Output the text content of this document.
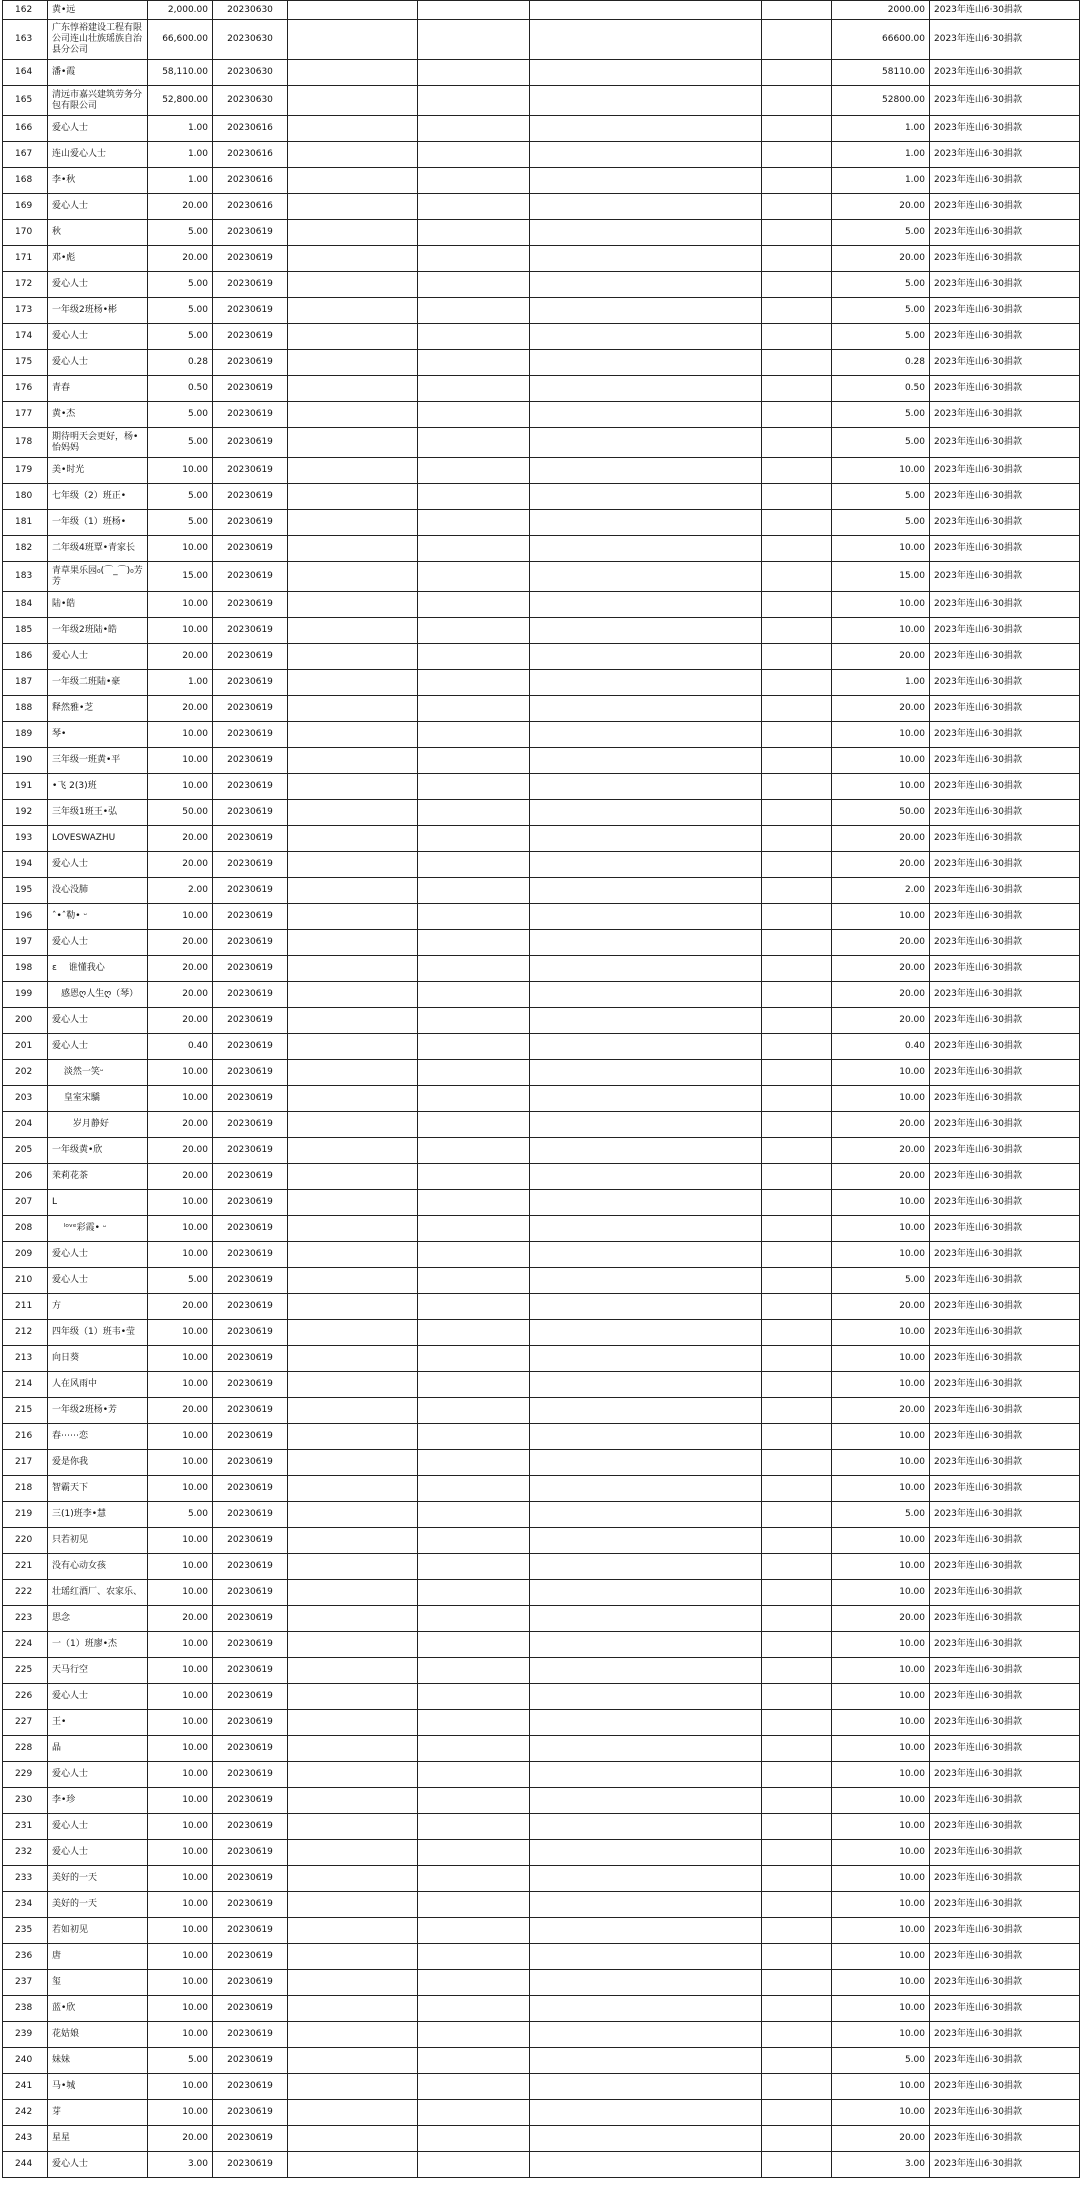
162	黄•远	2,000.00	20230630					2000.00	2023年连山6·30捐款
163	广东惇裕建设工程有限公司连山壮族瑶族自治县分公司	66,600.00	20230630					66600.00	2023年连山6·30捐款
164	潘•霞	58,110.00	20230630					58110.00	2023年连山6·30捐款
165	清远市嘉兴建筑劳务分包有限公司	52,800.00	20230630					52800.00	2023年连山6·30捐款
166	爱心人士	1.00	20230616					1.00	2023年连山6·30捐款
167	连山爱心人士	1.00	20230616					1.00	2023年连山6·30捐款
168	李•秋	1.00	20230616					1.00	2023年连山6·30捐款
169	爱心人士	20.00	20230616					20.00	2023年连山6·30捐款
170	秋	5.00	20230619					5.00	2023年连山6·30捐款
171	邓•彪	20.00	20230619					20.00	2023年连山6·30捐款
172	爱心人士	5.00	20230619					5.00	2023年连山6·30捐款
173	一年级2班杨•彬	5.00	20230619					5.00	2023年连山6·30捐款
174	爱心人士	5.00	20230619					5.00	2023年连山6·30捐款
175	爱心人士	0.28	20230619					0.28	2023年连山6·30捐款
176	青春	0.50	20230619					0.50	2023年连山6·30捐款
177	黄•杰	5.00	20230619					5.00	2023年连山6·30捐款
178	期待明天会更好，杨•怡妈妈	5.00	20230619					5.00	2023年连山6·30捐款
179	美•时光	10.00	20230619					10.00	2023年连山6·30捐款
180	七年级（2）班正•	5.00	20230619					5.00	2023年连山6·30捐款
181	一年级（1）班杨•	5.00	20230619					5.00	2023年连山6·30捐款
182	二年级4班覃•青家长	10.00	20230619					10.00	2023年连山6·30捐款
183	青草果乐园₀(⌒_⌒)₀芳芳	15.00	20230619					15.00	2023年连山6·30捐款
184	陆•皓	10.00	20230619					10.00	2023年连山6·30捐款
185	一年级2班陆•皓	10.00	20230619					10.00	2023年连山6·30捐款
186	爱心人士	20.00	20230619					20.00	2023年连山6·30捐款
187	一年级二班陆•豪	1.00	20230619					1.00	2023年连山6·30捐款
188	释然雅•芝	20.00	20230619					20.00	2023年连山6·30捐款
189	琴•	10.00	20230619					10.00	2023年连山6·30捐款
190	三年级一班黄•平	10.00	20230619					10.00	2023年连山6·30捐款
191	•飞 2(3)班	10.00	20230619					10.00	2023年连山6·30捐款
192	三年级1班王•弘	50.00	20230619					50.00	2023年连山6·30捐款
193	LOVESWAZHU	20.00	20230619					20.00	2023年连山6·30捐款
194	爱心人士	20.00	20230619					20.00	2023年连山6·30捐款
195	没心没肺	2.00	20230619					2.00	2023年连山6·30捐款
196	ˆ•ˆ勒• ᵕ	10.00	20230619					10.00	2023年连山6·30捐款
197	爱心人士	20.00	20230619					20.00	2023年连山6·30捐款
198	ε　 谁懂我心	20.00	20230619					20.00	2023年连山6·30捐款
199	　感恩ღ人生ღ（琴）	20.00	20230619					20.00	2023年连山6·30捐款
200	爱心人士	20.00	20230619					20.00	2023年连山6·30捐款
201	爱心人士	0.40	20230619					0.40	2023年连山6·30捐款
202	　 淡然一笑ᵕ	10.00	20230619					10.00	2023年连山6·30捐款
203	　 皇室宋驕	10.00	20230619					10.00	2023年连山6·30捐款
204	　　 岁月静好	20.00	20230619					20.00	2023年连山6·30捐款
205	一年级黄•欣	20.00	20230619					20.00	2023年连山6·30捐款
206	茉莉花茶	20.00	20230619					20.00	2023年连山6·30捐款
207	L	10.00	20230619					10.00	2023年连山6·30捐款
208	　 ˡᵒᵛᵉ彩霞• ᵕ	10.00	20230619					10.00	2023年连山6·30捐款
209	爱心人士	10.00	20230619					10.00	2023年连山6·30捐款
210	爱心人士	5.00	20230619					5.00	2023年连山6·30捐款
211	方	20.00	20230619					20.00	2023年连山6·30捐款
212	四年级（1）班韦•莹	10.00	20230619					10.00	2023年连山6·30捐款
213	向日葵	10.00	20230619					10.00	2023年连山6·30捐款
214	人在风雨中	10.00	20230619					10.00	2023年连山6·30捐款
215	一年级2班杨•芳	20.00	20230619					20.00	2023年连山6·30捐款
216	春⋯⋯恋	10.00	20230619					10.00	2023年连山6·30捐款
217	爱是你我	10.00	20230619					10.00	2023年连山6·30捐款
218	智霸天下	10.00	20230619					10.00	2023年连山6·30捐款
219	三(1)班李•慧	5.00	20230619					5.00	2023年连山6·30捐款
220	只若初见	10.00	20230619					10.00	2023年连山6·30捐款
221	没有心动女孩	10.00	20230619					10.00	2023年连山6·30捐款
222	壮瑶红酒厂、农家乐、	10.00	20230619					10.00	2023年连山6·30捐款
223	思念	20.00	20230619					20.00	2023年连山6·30捐款
224	一（1）班廖•杰	10.00	20230619					10.00	2023年连山6·30捐款
225	天马行空	10.00	20230619					10.00	2023年连山6·30捐款
226	爱心人士	10.00	20230619					10.00	2023年连山6·30捐款
227	王•	10.00	20230619					10.00	2023年连山6·30捐款
228	晶	10.00	20230619					10.00	2023年连山6·30捐款
229	爱心人士	10.00	20230619					10.00	2023年连山6·30捐款
230	李•珍	10.00	20230619					10.00	2023年连山6·30捐款
231	爱心人士	10.00	20230619					10.00	2023年连山6·30捐款
232	爱心人士	10.00	20230619					10.00	2023年连山6·30捐款
233	美好的一天	10.00	20230619					10.00	2023年连山6·30捐款
234	美好的一天	10.00	20230619					10.00	2023年连山6·30捐款
235	若如初见	10.00	20230619					10.00	2023年连山6·30捐款
236	唐	10.00	20230619					10.00	2023年连山6·30捐款
237	玺	10.00	20230619					10.00	2023年连山6·30捐款
238	蓝•欣	10.00	20230619					10.00	2023年连山6·30捐款
239	花姑娘	10.00	20230619					10.00	2023年连山6·30捐款
240	妹妹	5.00	20230619					5.00	2023年连山6·30捐款
241	马•城	10.00	20230619					10.00	2023年连山6·30捐款
242	芽	10.00	20230619					10.00	2023年连山6·30捐款
243	星星	20.00	20230619					20.00	2023年连山6·30捐款
244	爱心人士	3.00	20230619					3.00	2023年连山6·30捐款
